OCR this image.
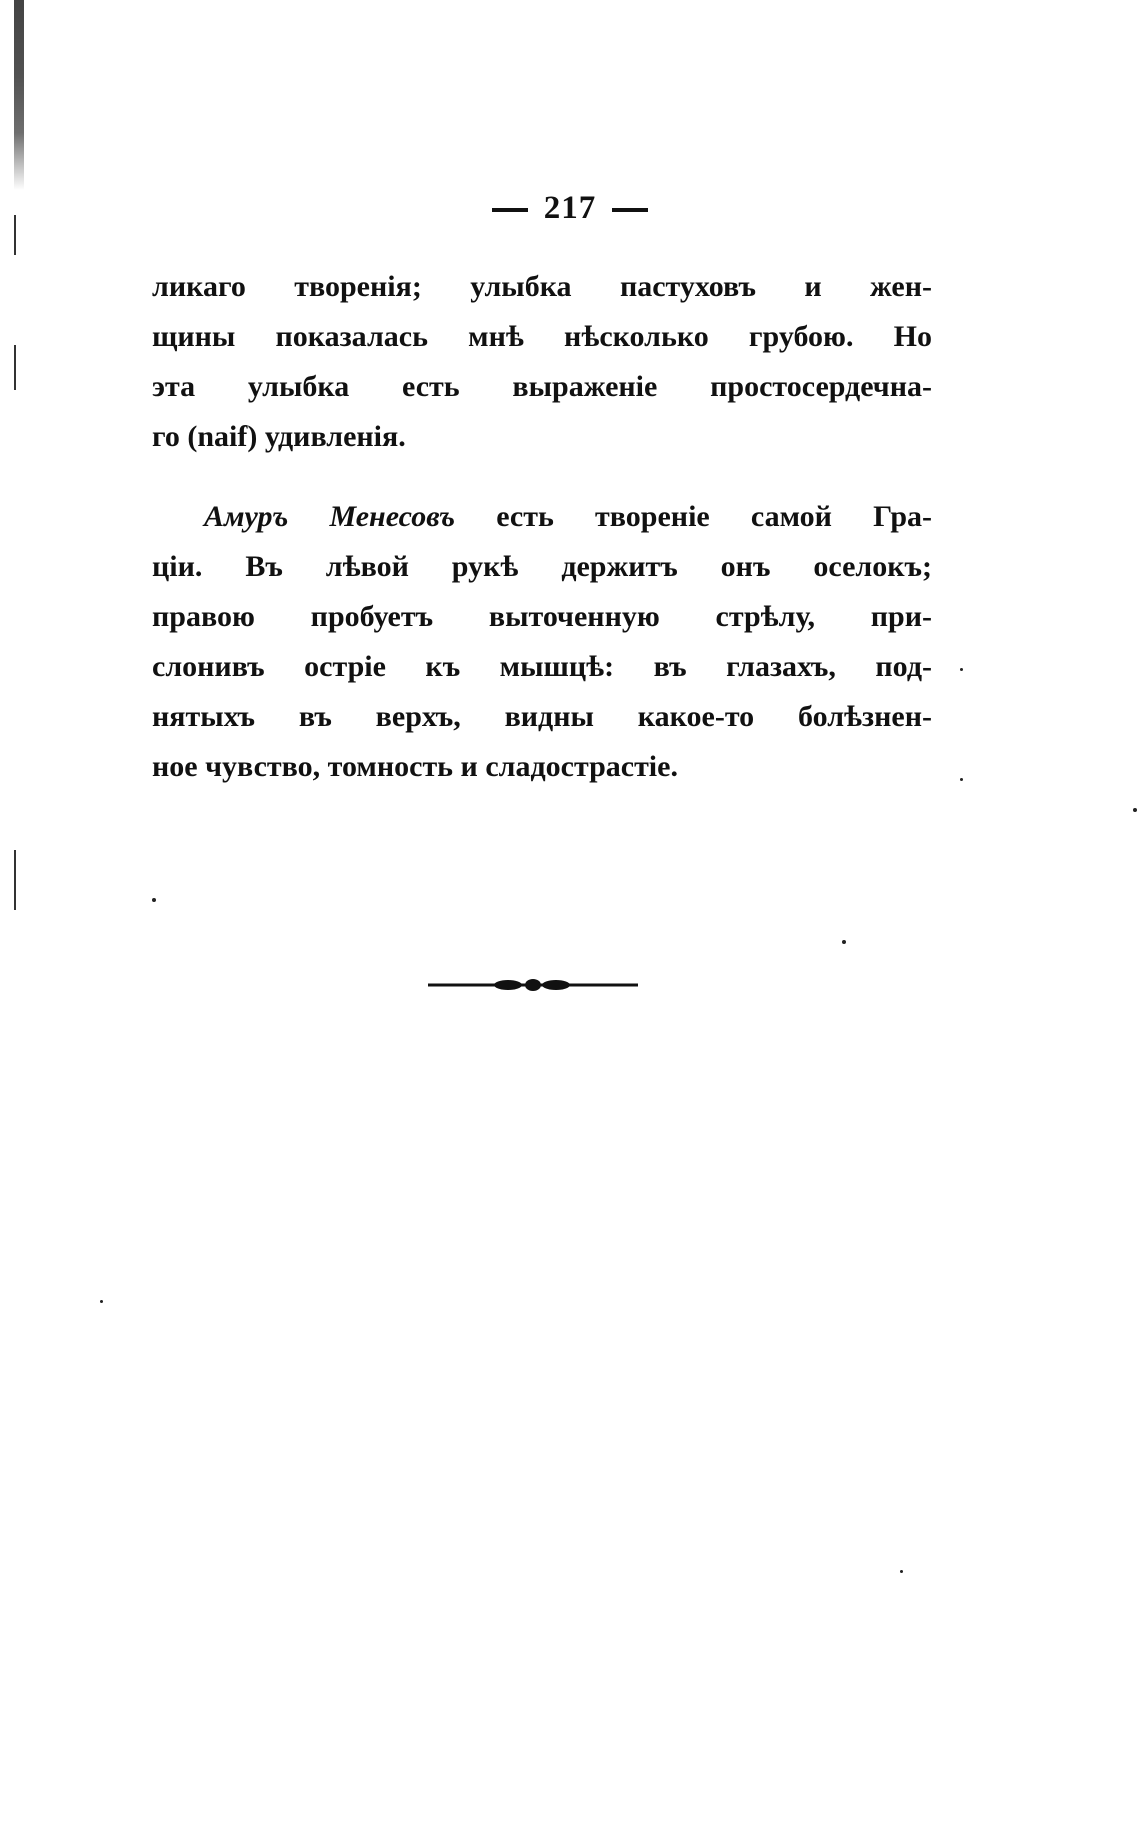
217
ликаго творенія; улыбка пастуховъ и жен-
щины показалась мнѣ нѣсколько грубою. Но
эта улыбка есть выраженіе простосердечна-
го (naif) удивленія.
Амуръ Менесовъ есть твореніе самой Гра-
ціи. Въ лѣвой рукѣ держитъ онъ оселокъ;
правою пробуетъ выточенную стрѣлу, при-
слонивъ остріе къ мышцѣ: въ глазахъ, под-
нятыхъ въ верхъ, видны какое-то болѣзнен-
ное чувство, томность и сладострастіе.
